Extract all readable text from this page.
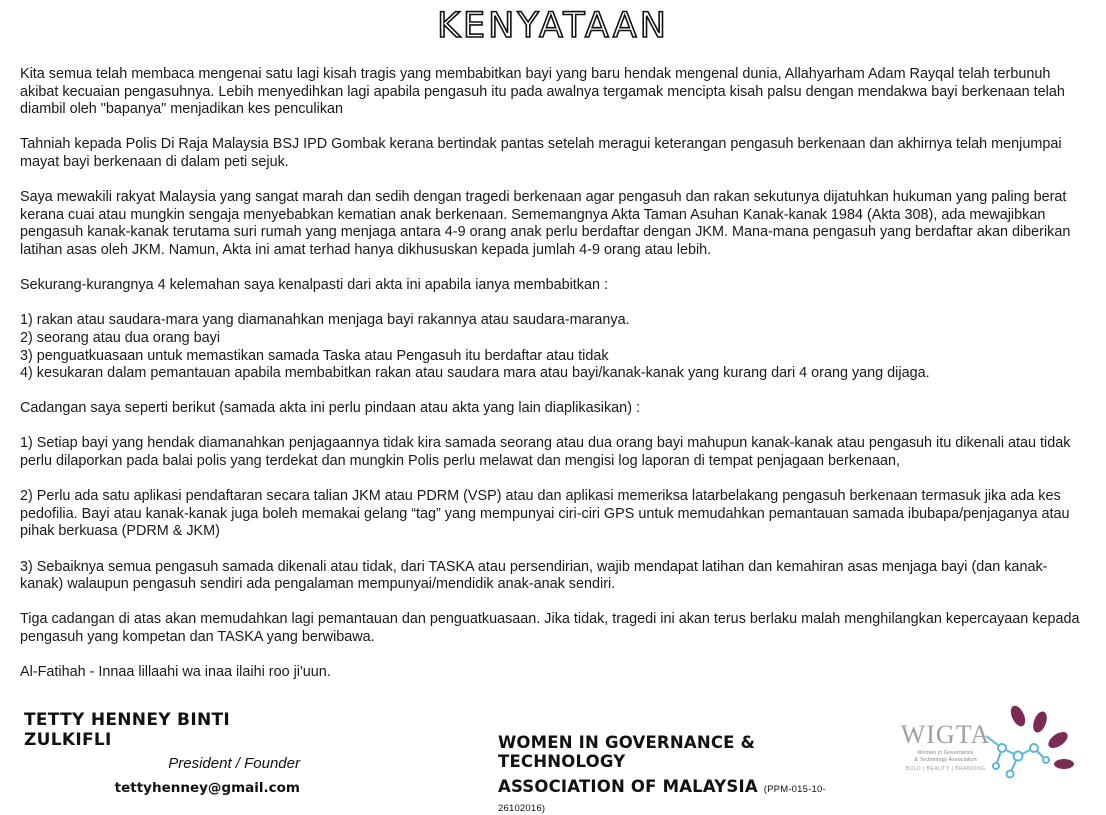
KENYATAAN

Kita semua telah membaca mengenai satu lagi kisah tragis yang membabitkan bayi yang baru hendak mengenal dunia, Allahyarham Adam Rayqal telah terbunuh akibat kecuaian pengasuhnya. Lebih menyedihkan lagi apabila pengasuh itu pada awalnya tergamak mencipta kisah palsu dengan mendakwa bayi berkenaan telah diambil oleh "bapanya" menjadikan kes penculikan

Tahniah kepada Polis Di Raja Malaysia BSJ IPD Gombak kerana bertindak pantas setelah meragui keterangan pengasuh berkenaan dan akhirnya telah menjumpai mayat bayi berkenaan di dalam peti sejuk.

Saya mewakili rakyat Malaysia yang sangat marah dan sedih dengan tragedi berkenaan agar pengasuh dan rakan sekutunya dijatuhkan hukuman yang paling berat kerana cuai atau mungkin sengaja menyebabkan kematian anak berkenaan. Sememangnya Akta Taman Asuhan Kanak-kanak 1984 (Akta 308), ada mewajibkan pengasuh kanak-kanak terutama suri rumah yang menjaga antara 4-9 orang anak perlu berdaftar dengan JKM. Mana-mana pengasuh yang berdaftar akan diberikan latihan asas oleh JKM. Namun, Akta ini amat terhad hanya dikhususkan kepada jumlah 4-9 orang atau lebih.

Sekurang-kurangnya 4 kelemahan saya kenalpasti dari akta ini apabila ianya membabitkan :

1) rakan atau saudara-mara yang diamanahkan menjaga bayi rakannya atau saudara-maranya.
2) seorang atau dua orang bayi
3) penguatkuasaan untuk memastikan samada Taska atau Pengasuh itu berdaftar atau tidak
4) kesukaran dalam pemantauan apabila membabitkan rakan atau saudara mara atau bayi/kanak-kanak yang kurang dari 4 orang yang dijaga.

Cadangan saya seperti berikut (samada akta ini perlu pindaan atau akta yang lain diaplikasikan) :

1) Setiap bayi yang hendak diamanahkan penjagaannya tidak kira samada seorang atau dua orang bayi mahupun kanak-kanak atau pengasuh itu dikenali atau tidak perlu dilaporkan pada balai polis yang terdekat dan mungkin Polis perlu melawat dan mengisi log laporan di tempat penjagaan berkenaan,

2) Perlu ada satu aplikasi pendaftaran secara talian JKM atau PDRM (VSP) atau dan aplikasi memeriksa latarbelakang pengasuh berkenaan termasuk jika ada kes pedofilia. Bayi atau kanak-kanak juga boleh memakai gelang “tag” yang mempunyai ciri-ciri GPS untuk memudahkan pemantauan samada ibubapa/penjaganya atau pihak berkuasa (PDRM & JKM)

3) Sebaiknya semua pengasuh samada dikenali atau tidak, dari TASKA atau persendirian, wajib mendapat latihan dan kemahiran asas menjaga bayi (dan kanak-kanak) walaupun pengasuh sendiri ada pengalaman mempunyai/mendidik anak-anak sendiri.

Tiga cadangan di atas akan memudahkan lagi pemantauan dan penguatkuasaan. Jika tidak, tragedi ini akan terus berlaku malah menghilangkan kepercayaan kepada pengasuh yang kompetan dan TASKA yang berwibawa.

Al-Fatihah - Innaa lillaahi wa inaa ilaihi roo ji'uun.

TETTY HENNEY BINTI ZULKIFLI
President / Founder
tettyhenney@gmail.com
WOMEN IN GOVERNANCE & TECHNOLOGY
ASSOCIATION OF MALAYSIA (PPM-015-10-26102016)
WIGTA
Women in Governance
& Technology Association
BOLD | BEAUTY | BRANDING
